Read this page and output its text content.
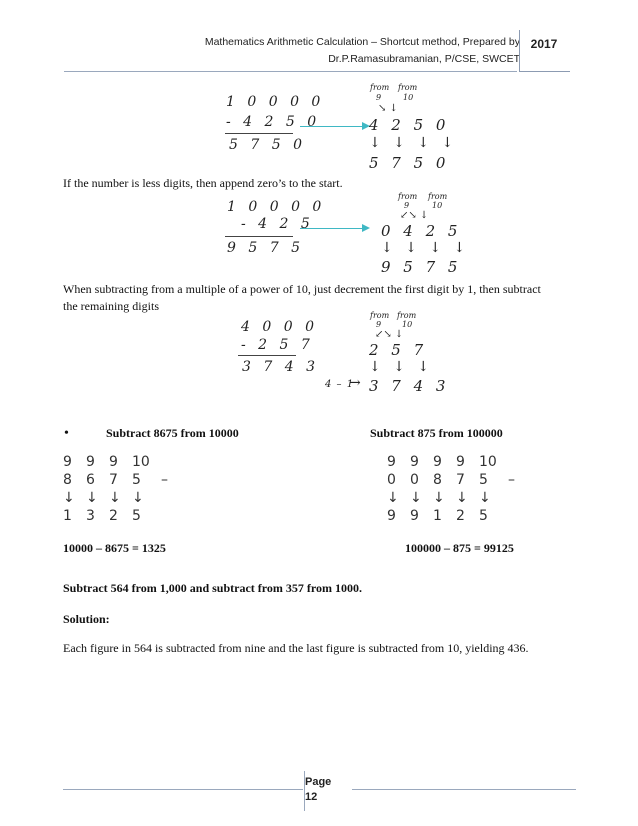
Mathematics Arithmetic Calculation – Shortcut method, Prepared by
Dr.P.Ramasubramanian, P/CSE, SWCET
2017
1 0 0 0 0
- 4 2 5 0
5 7 5 0
from from
9	10
↘ ↓
4 2 5 0
↓ ↓ ↓ ↓
5 7 5 0
If the number is less digits, then append zero’s to the start.
1 0 0 0 0
- 4 2 5
9 5 7 5
from from
9	10
↙↘ ↓
0 4 2 5
↓ ↓ ↓ ↓
9 5 7 5
When subtracting from a multiple of a power of 10, just decrement the first digit by 1, then subtract
the remaining digits
4 0 0 0
- 2 5 7
3 7 4 3
from from
9	10
↙↘ ↓
2 5 7
↓ ↓ ↓
4 – 1
→ 3 7 4 3
•	Subtract 8675 from 10000	Subtract 875 from 100000
9	9	9	10
8	6	7	5	–
↓ ↓ ↓ ↓
1	3	2	5
9	9	9	9	10
0	0	8	7	5	–
↓ ↓ ↓ ↓ ↓
9	9	1	2	5
10000 – 8675 = 1325	100000 – 875 = 99125
Subtract 564 from 1,000 and subtract from 357 from 1000.
Solution:
Each figure in 564 is subtracted from nine and the last figure is subtracted from 10, yielding 436.
Page
12
